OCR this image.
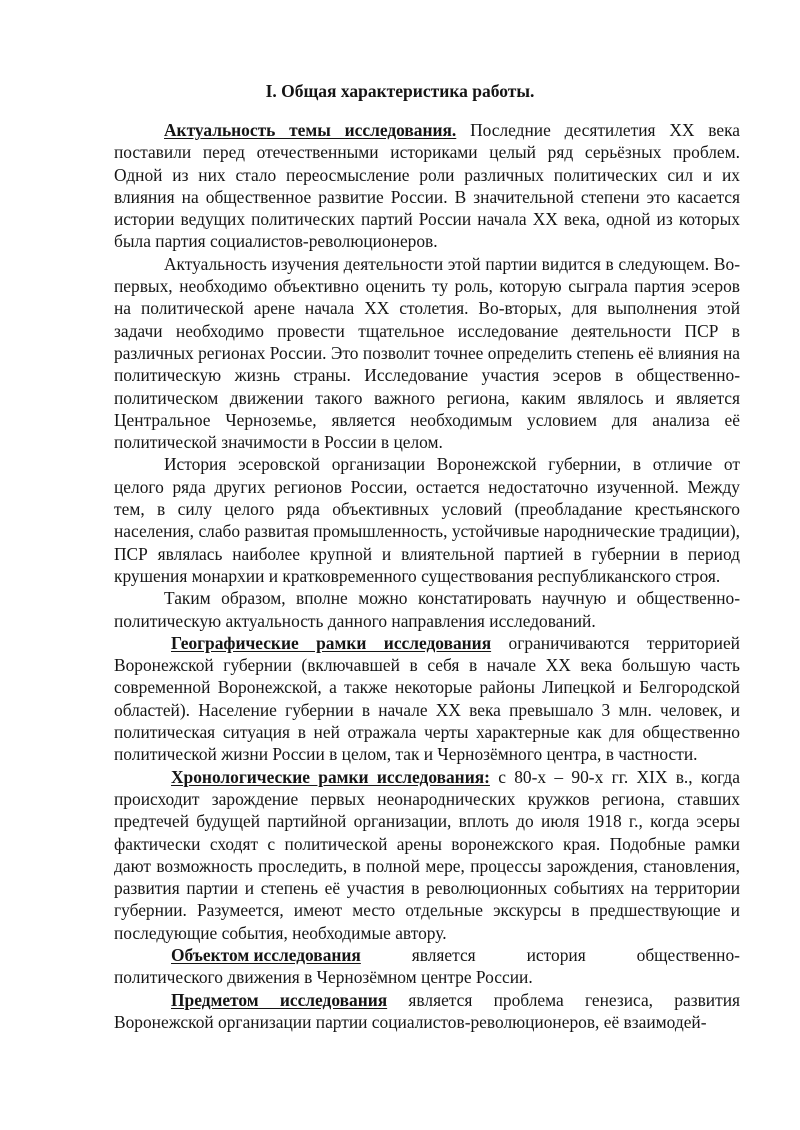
I. Общая характеристика работы.

Актуальность темы исследования. Последние десятилетия XX века поставили перед отечественными историками целый ряд серьёзных проблем. Одной из них стало переосмысление роли различных политических сил и их влияния на общественное развитие России. В значительной степени это касается истории ведущих политических партий России начала XX века, одной из которых была партия социалистов-революционеров.

Актуальность изучения деятельности этой партии видится в следующем. Во-первых, необходимо объективно оценить ту роль, которую сыграла партия эсеров на политической арене начала XX столетия. Во-вторых, для выполнения этой задачи необходимо провести тщательное исследование деятельности ПСР в различных регионах России. Это позволит точнее определить степень её влияния на политическую жизнь страны. Исследование участия эсеров в общественно-политическом движении такого важного региона, каким являлось и является Центральное Черноземье, является необходимым условием для анализа её политической значимости в России в целом.

История эсеровской организации Воронежской губернии, в отличие от целого ряда других регионов России, остается недостаточно изученной. Между тем, в силу целого ряда объективных условий (преобладание крестьянского населения, слабо развитая промышленность, устойчивые народнические традиции), ПСР являлась наиболее крупной и влиятельной партией в губернии в период крушения монархии и кратковременного существования республиканского строя.

Таким образом, вполне можно констатировать научную и общественно-политическую актуальность данного направления исследований.

Географические рамки исследования ограничиваются территорией Воронежской губернии (включавшей в себя в начале XX века большую часть современной Воронежской, а также некоторые районы Липецкой и Белгородской областей). Население губернии в начале XX века превышало 3 млн. человек, и политическая ситуация в ней отражала черты характерные как для общественно политической жизни России в целом, так и Чернозёмного центра, в частности.

Хронологические рамки исследования: с 80-х – 90-х гг. XIX в., когда происходит зарождение первых неонароднических кружков региона, ставших предтечей будущей партийной организации, вплоть до июля 1918 г., когда эсеры фактически сходят с политической арены воронежского края. Подобные рамки дают возможность проследить, в полной мере, процессы зарождения, становления, развития партии и степень её участия в революционных событиях на территории губернии. Разумеется, имеют место отдельные экскурсы в предшествующие и последующие события, необходимые автору.

Объектом исследования	является	история	общественно-
политического движения в Чернозёмном центре России.

Предметом исследования является проблема генезиса, развития Воронежской организации партии социалистов-революционеров, её взаимодей-
